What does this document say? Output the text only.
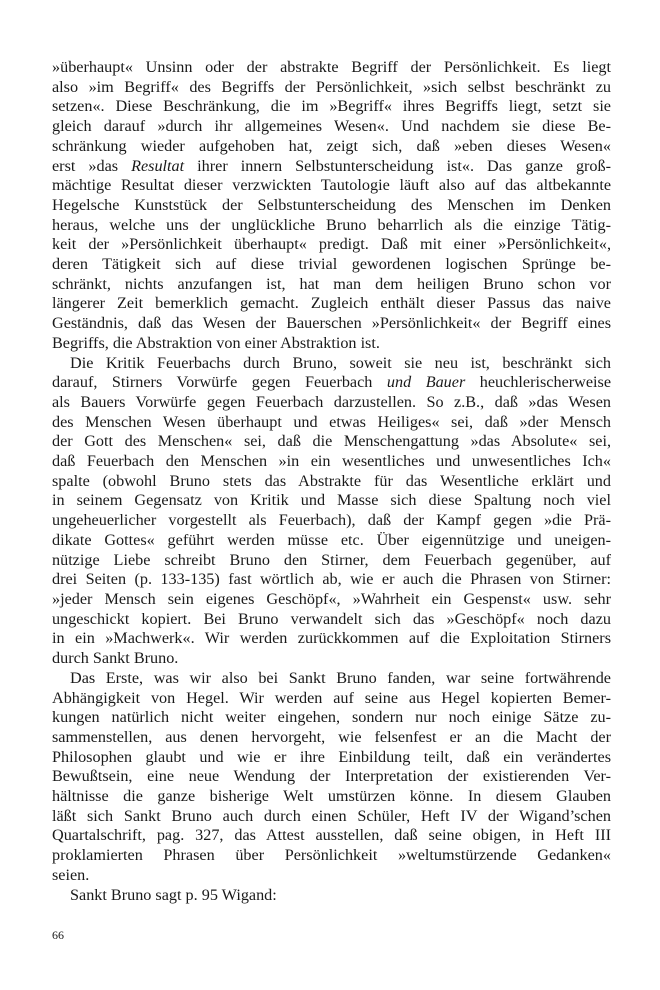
»überhaupt« Unsinn oder der abstrakte Begriff der Persönlichkeit. Es liegt
also »im Begriff« des Begriffs der Persönlichkeit, »sich selbst beschränkt zu
setzen«. Diese Beschränkung, die im »Begriff« ihres Begriffs liegt, setzt sie
gleich darauf »durch ihr allgemeines Wesen«. Und nachdem sie diese Be-
schränkung wieder aufgehoben hat, zeigt sich, daß »eben dieses Wesen«
erst »das Resultat ihrer innern Selbstunterscheidung ist«. Das ganze groß-
mächtige Resultat dieser verzwickten Tautologie läuft also auf das altbekannte
Hegelsche Kunststück der Selbstunterscheidung des Menschen im Denken
heraus, welche uns der unglückliche Bruno beharrlich als die einzige Tätig-
keit der »Persönlichkeit überhaupt« predigt. Daß mit einer »Persönlichkeit«,
deren Tätigkeit sich auf diese trivial gewordenen logischen Sprünge be-
schränkt, nichts anzufangen ist, hat man dem heiligen Bruno schon vor
längerer Zeit bemerklich gemacht. Zugleich enthält dieser Passus das naive
Geständnis, daß das Wesen der Bauerschen »Persönlichkeit« der Begriff eines
Begriffs, die Abstraktion von einer Abstraktion ist.
Die Kritik Feuerbachs durch Bruno, soweit sie neu ist, beschränkt sich
darauf, Stirners Vorwürfe gegen Feuerbach und Bauer heuchlerischerweise
als Bauers Vorwürfe gegen Feuerbach darzustellen. So z.B., daß »das Wesen
des Menschen Wesen überhaupt und etwas Heiliges« sei, daß »der Mensch
der Gott des Menschen« sei, daß die Menschengattung »das Absolute« sei,
daß Feuerbach den Menschen »in ein wesentliches und unwesentliches Ich«
spalte (obwohl Bruno stets das Abstrakte für das Wesentliche erklärt und
in seinem Gegensatz von Kritik und Masse sich diese Spaltung noch viel
ungeheuerlicher vorgestellt als Feuerbach), daß der Kampf gegen »die Prä-
dikate Gottes« geführt werden müsse etc. Über eigennützige und uneigen-
nützige Liebe schreibt Bruno den Stirner, dem Feuerbach gegenüber, auf
drei Seiten (p. 133-135) fast wörtlich ab, wie er auch die Phrasen von Stirner:
»jeder Mensch sein eigenes Geschöpf«, »Wahrheit ein Gespenst« usw. sehr
ungeschickt kopiert. Bei Bruno verwandelt sich das »Geschöpf« noch dazu
in ein »Machwerk«. Wir werden zurückkommen auf die Exploitation Stirners
durch Sankt Bruno.
Das Erste, was wir also bei Sankt Bruno fanden, war seine fortwährende
Abhängigkeit von Hegel. Wir werden auf seine aus Hegel kopierten Bemer-
kungen natürlich nicht weiter eingehen, sondern nur noch einige Sätze zu-
sammenstellen, aus denen hervorgeht, wie felsenfest er an die Macht der
Philosophen glaubt und wie er ihre Einbildung teilt, daß ein verändertes
Bewußtsein, eine neue Wendung der Interpretation der existierenden Ver-
hältnisse die ganze bisherige Welt umstürzen könne. In diesem Glauben
läßt sich Sankt Bruno auch durch einen Schüler, Heft IV der Wigand’schen
Quartalschrift, pag. 327, das Attest ausstellen, daß seine obigen, in Heft III
proklamierten Phrasen über Persönlichkeit »weltumstürzende Gedanken«
seien.
Sankt Bruno sagt p. 95 Wigand:
66
